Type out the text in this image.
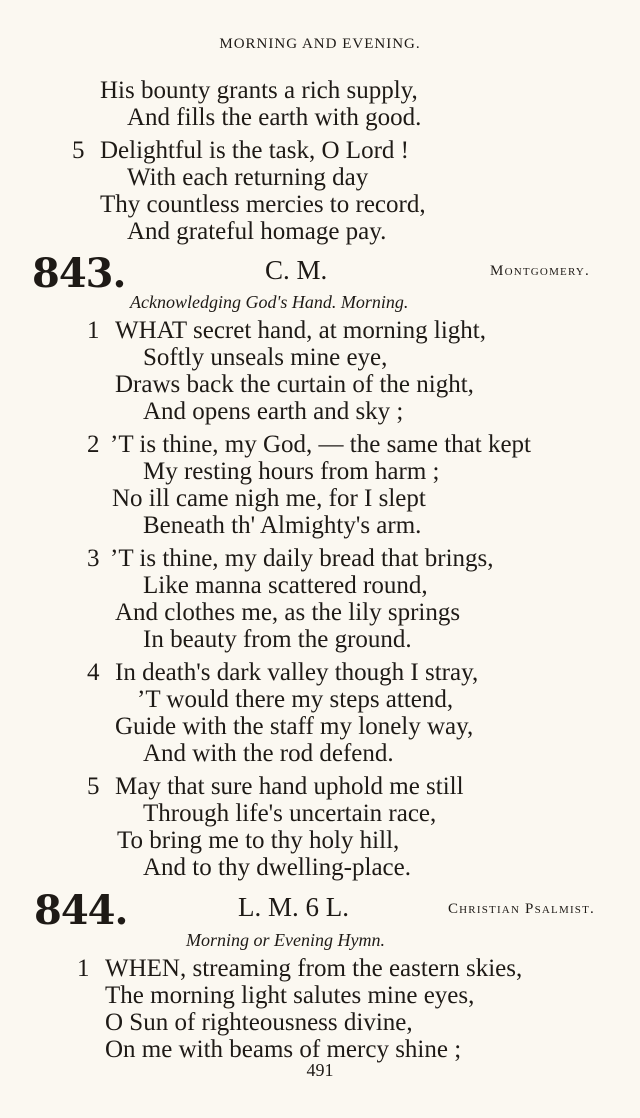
MORNING AND EVENING.
His bounty grants a rich supply,
And fills the earth with good.
5 Delightful is the task, O Lord !
With each returning day
Thy countless mercies to record,
And grateful homage pay.
843.	C. M.	Montgomery.
Acknowledging God's Hand. Morning.
1 WHAT secret hand, at morning light,
Softly unseals mine eye,
Draws back the curtain of the night,
And opens earth and sky ;
2 ’T is thine, my God, — the same that kept
My resting hours from harm ;
No ill came nigh me, for I slept
Beneath th' Almighty's arm.
3 ’T is thine, my daily bread that brings,
Like manna scattered round,
And clothes me, as the lily springs
In beauty from the ground.
4 In death's dark valley though I stray,
’T would there my steps attend,
Guide with the staff my lonely way,
And with the rod defend.
5 May that sure hand uphold me still
Through life's uncertain race,
To bring me to thy holy hill,
And to thy dwelling-place.
844.	L. M. 6 L.	Christian Psalmist.
Morning or Evening Hymn.
1 WHEN, streaming from the eastern skies,
The morning light salutes mine eyes,
O Sun of righteousness divine,
On me with beams of mercy shine ;
491
